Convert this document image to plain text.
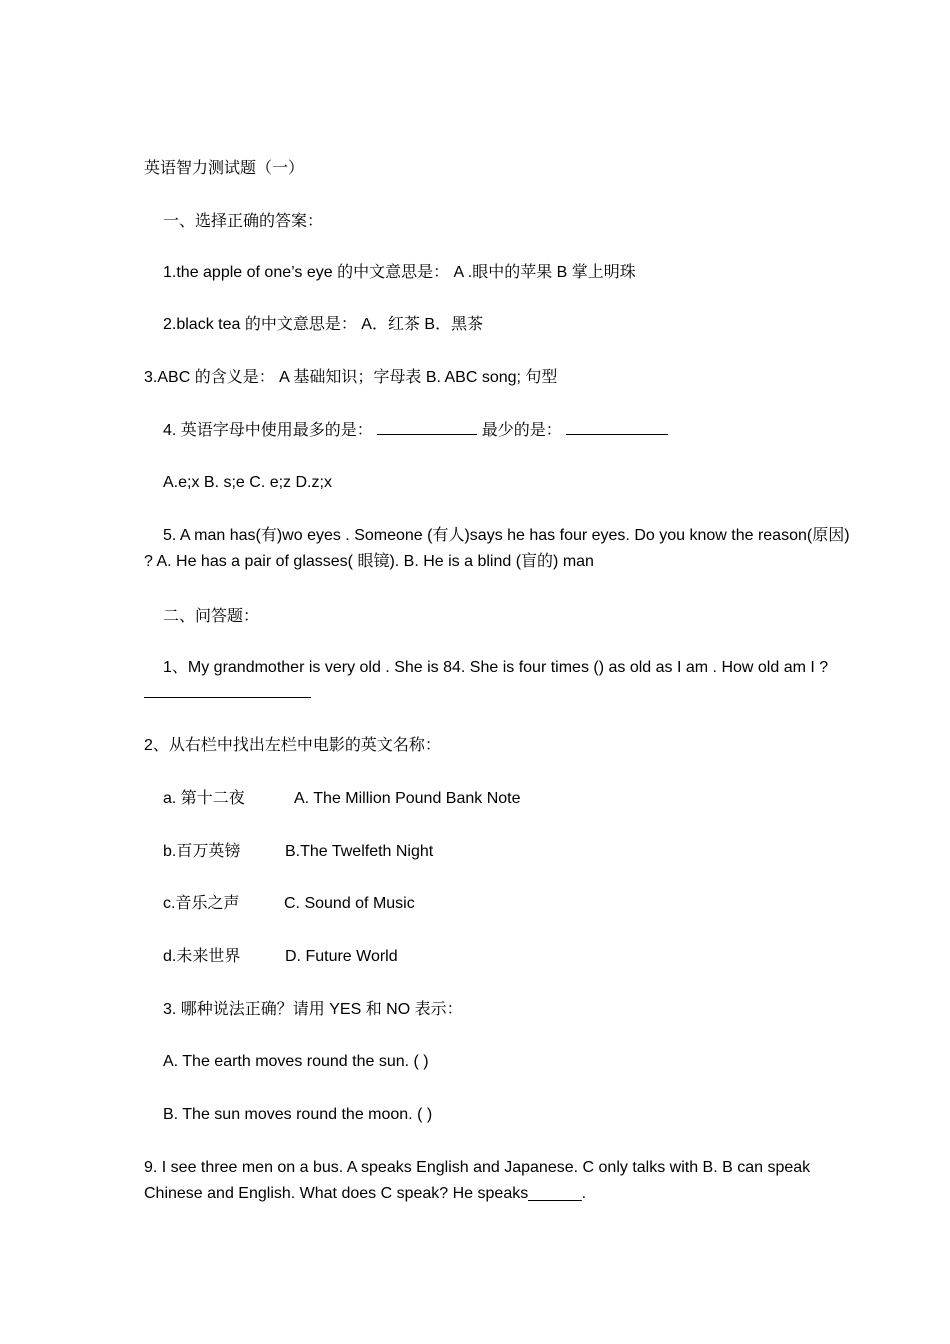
英语智力测试题（一）
一、选择正确的答案：
1.the apple of one’s eye 的中文意思是： A .眼中的苹果 B 掌上明珠
2.black tea 的中文意思是： A．红茶 B．黑茶
3.ABC 的含义是： A 基础知识；字母表 B. ABC song; 句型
4. 英语字母中使用最多的是：	最少的是：
A.e;x B. s;e C. e;z D.z;x
5. A man has(有)wo eyes . Someone (有人)says he has four eyes. Do you know the reason(原因)
? A. He has a pair of glasses( 眼镜). B. He is a blind (盲的) man
二、问答题：
1、My grandmother is very old . She is 84. She is four times () as old as I am . How old am I ?
2、从右栏中找出左栏中电影的英文名称：
a. 第十二夜	A. The Million Pound Bank Note
b.百万英镑	B.The Twelfeth Night
c.音乐之声	C. Sound of Music
d.未来世界	D. Future World
3. 哪种说法正确？请用 YES 和 NO 表示：
A. The earth moves round the sun. ( )
B. The sun moves round the moon. ( )
9. I see three men on a bus. A speaks English and Japanese. C only talks with B. B can speak
Chinese and English. What does C speak? He speaks______.
